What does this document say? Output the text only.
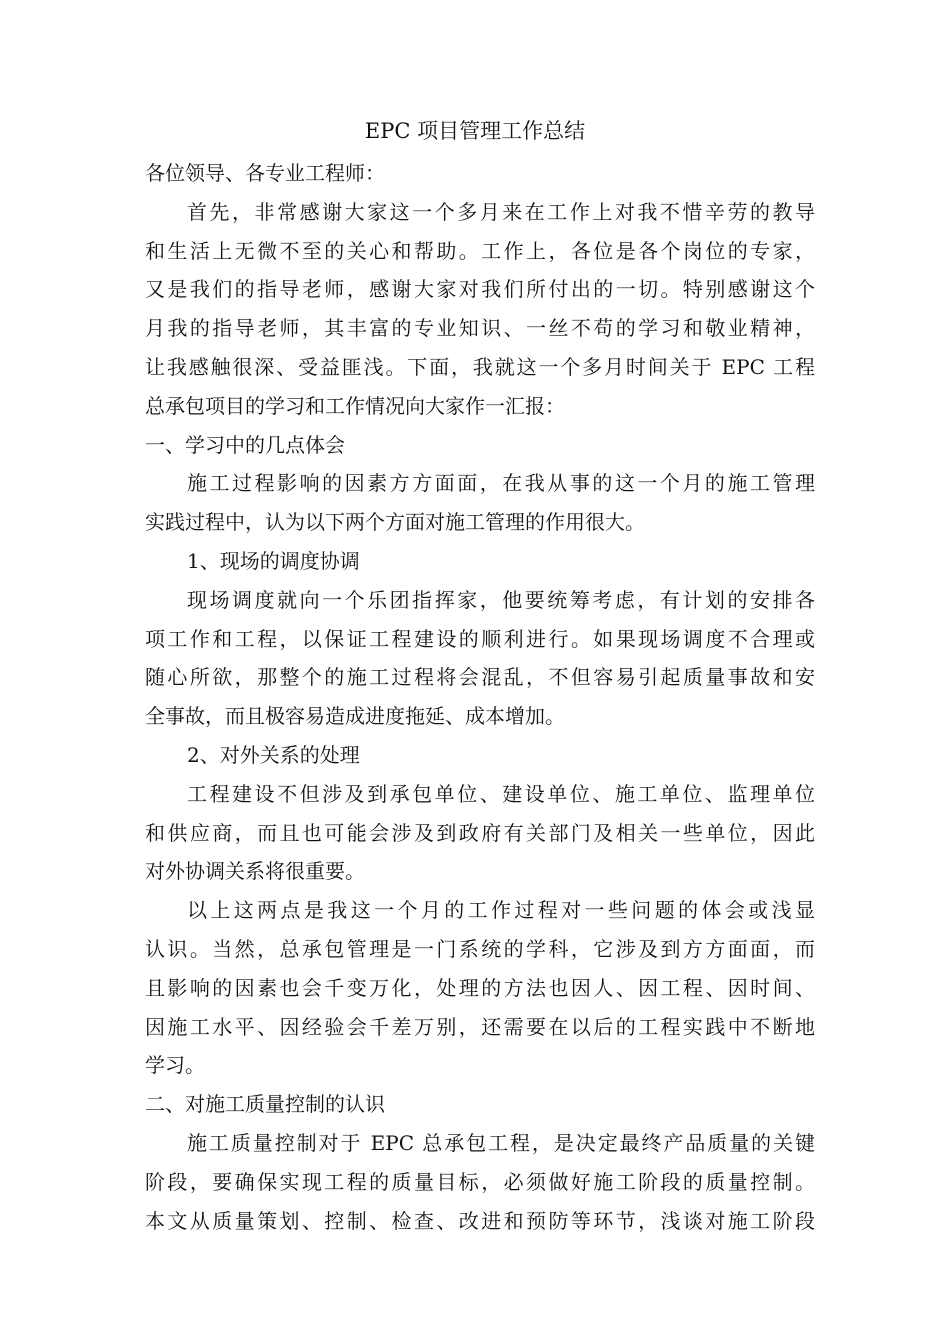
EPC 项目管理工作总结
各位领导、各专业工程师：
首先，非常感谢大家这一个多月来在工作上对我不惜辛劳的教导
和生活上无微不至的关心和帮助。工作上，各位是各个岗位的专家，
又是我们的指导老师，感谢大家对我们所付出的一切。特别感谢这个
月我的指导老师，其丰富的专业知识、一丝不苟的学习和敬业精神，
让我感触很深、受益匪浅。下面，我就这一个多月时间关于 EPC 工程
总承包项目的学习和工作情况向大家作一汇报：
一、学习中的几点体会
施工过程影响的因素方方面面，在我从事的这一个月的施工管理
实践过程中，认为以下两个方面对施工管理的作用很大。
1、现场的调度协调
现场调度就向一个乐团指挥家，他要统筹考虑，有计划的安排各
项工作和工程，以保证工程建设的顺利进行。如果现场调度不合理或
随心所欲，那整个的施工过程将会混乱，不但容易引起质量事故和安
全事故，而且极容易造成进度拖延、成本增加。
2、对外关系的处理
工程建设不但涉及到承包单位、建设单位、施工单位、监理单位
和供应商，而且也可能会涉及到政府有关部门及相关一些单位，因此
对外协调关系将很重要。
以上这两点是我这一个月的工作过程对一些问题的体会或浅显
认识。当然，总承包管理是一门系统的学科，它涉及到方方面面，而
且影响的因素也会千变万化，处理的方法也因人、因工程、因时间、
因施工水平、因经验会千差万别，还需要在以后的工程实践中不断地
学习。
二、对施工质量控制的认识
施工质量控制对于 EPC 总承包工程，是决定最终产品质量的关键
阶段，要确保实现工程的质量目标，必须做好施工阶段的质量控制。
本文从质量策划、控制、检查、改进和预防等环节，浅谈对施工阶段
